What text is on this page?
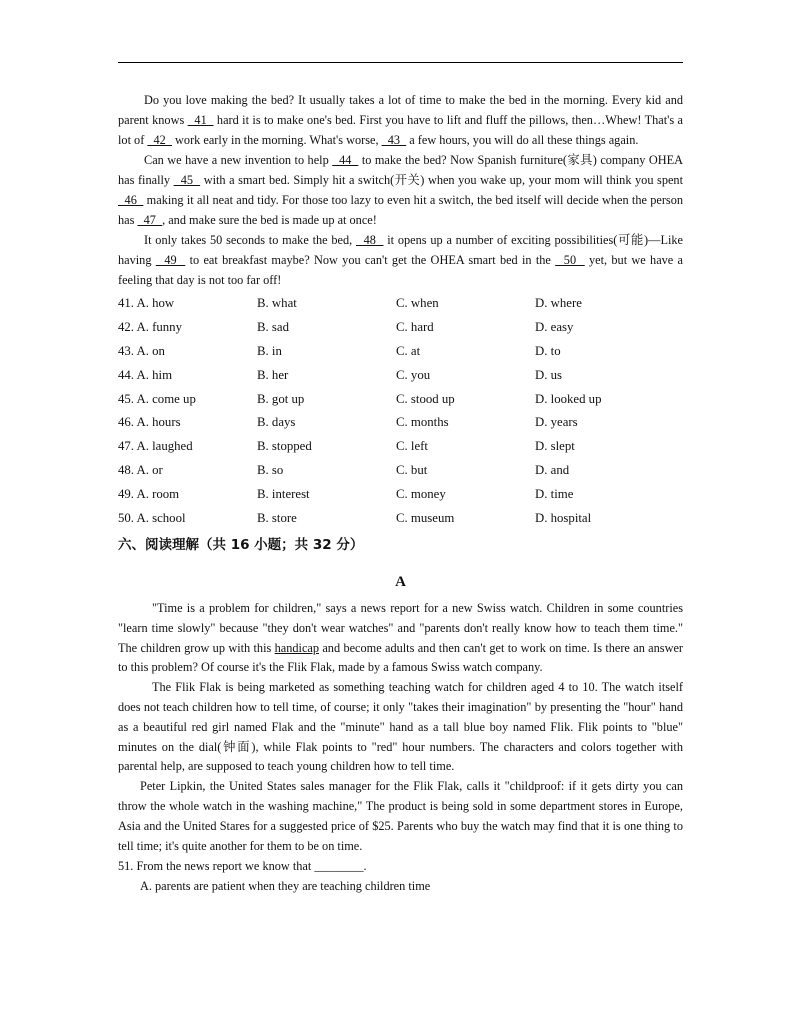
Do you love making the bed? It usually takes a lot of time to make the bed in the morning. Every kid and parent knows   41   hard it is to make one's bed. First you have to lift and fluff the pillows, then…Whew! That's a lot of   42   work early in the morning. What's worse,   43   a few hours, you will do all these things again.

Can we have a new invention to help   44   to make the bed? Now Spanish furniture(家具) company OHEA has finally   45   with a smart bed. Simply hit a switch(开关) when you wake up, your mom will think you spent   46   making it all neat and tidy. For those too lazy to even hit a switch, the bed itself will decide when the person has   47  , and make sure the bed is made up at once!

It only takes 50 seconds to make the bed,   48   it opens up a number of exciting possibilities(可能)—Like having   49   to eat breakfast maybe? Now you can't get the OHEA smart bed in the   50   yet, but we have a feeling that day is not too far off!

41. A. how	B. what	C. when	D. where
42. A. funny	B. sad	C. hard	D. easy
43. A. on	B. in	C. at	D. to
44. A. him	B. her	C. you	D. us
45. A. come up	B. got up	C. stood up	D. looked up
46. A. hours	B. days	C. months	D. years
47. A. laughed	B. stopped	C. left	D. slept
48. A. or	B. so	C. but	D. and
49. A. room	B. interest	C. money	D. time
50. A. school	B. store	C. museum	D. hospital
六、阅读理解（共 16 小题；共 32 分）
A

"Time is a problem for children," says a news report for a new Swiss watch. Children in some countries "learn time slowly" because "they don't wear watches" and "parents don't really know how to teach them time." The children grow up with this handicap and become adults and then can't get to work on time. Is there an answer to this problem? Of course it's the Flik Flak, made by a famous Swiss watch company.

The Flik Flak is being marketed as something teaching watch for children aged 4 to 10. The watch itself does not teach children how to tell time, of course; it only "takes their imagination" by presenting the "hour" hand as a beautiful red girl named Flak and the "minute" hand as a tall blue boy named Flik. Flik points to "blue" minutes on the dial(钟面), while Flak points to "red" hour numbers. The characters and colors together with parental help, are supposed to teach young children how to tell time.

Peter Lipkin, the United States sales manager for the Flik Flak, calls it "childproof: if it gets dirty you can throw the whole watch in the washing machine," The product is being sold in some department stores in Europe, Asia and the United Stares for a suggested price of $25. Parents who buy the watch may find that it is one thing to tell time; it's quite another for them to be on time.

51. From the news report we know that ________.

A. parents are patient when they are teaching children time
